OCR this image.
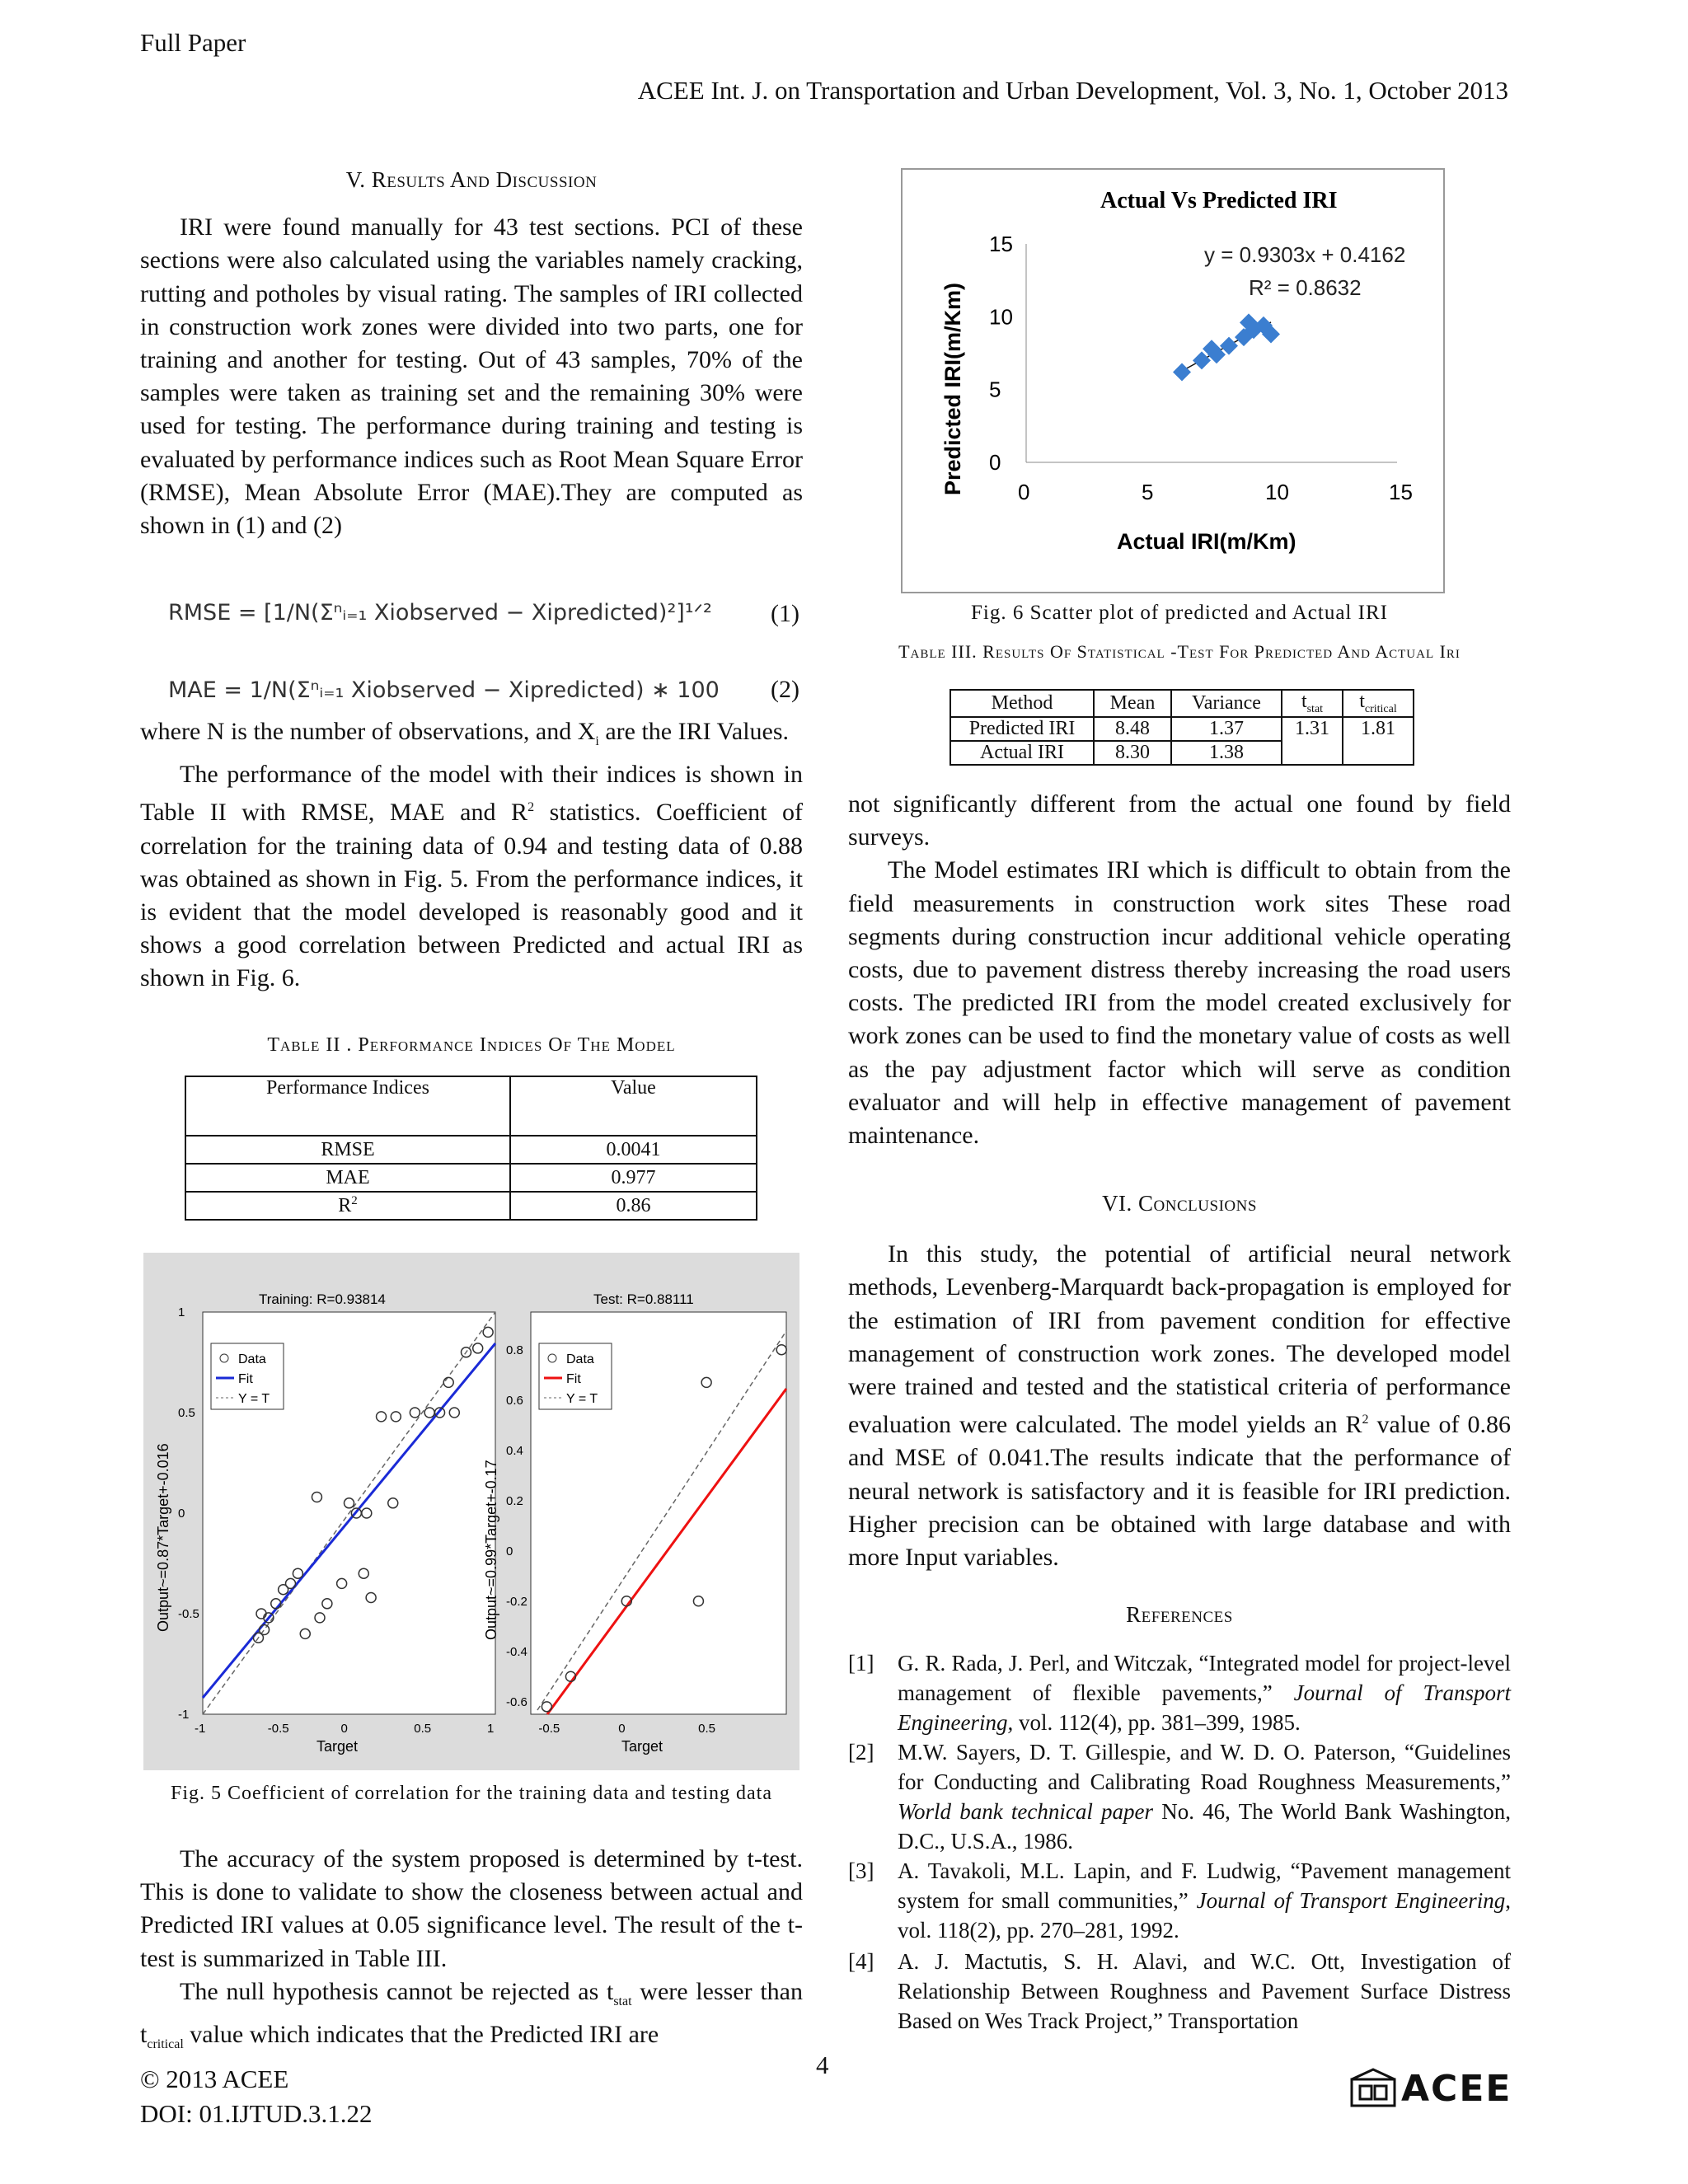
Full Paper
ACEE Int. J. on Transportation and Urban Development, Vol. 3, No. 1, October 2013
V. Results And Discussion

IRI were found manually for 43 test sections. PCI of these sections were also calculated using the variables namely cracking, rutting and potholes by visual rating. The samples of IRI collected in construction work zones were divided into two parts, one for training and another for testing. Out of 43 samples, 70% of the samples were taken as training set and the remaining 30% were used for testing. The performance during training and testing is evaluated by performance indices such as Root Mean Square Error (RMSE), Mean Absolute Error (MAE).They are computed as shown in (1) and (2)

RMSE = [1/N(Σⁿᵢ₌₁ Xiobserved − Xipredicted)²]¹ᐟ² (1)
MAE = 1/N(Σⁿᵢ₌₁ Xiobserved − Xipredicted) ∗ 100 (2)

where N is the number of observations, and $X_i$ are the IRI Values.

The performance of the model with their indices is shown in Table II with RMSE, MAE and $R^2$ statistics. Coefficient of correlation for the training data of 0.94 and testing data of 0.88 was obtained as shown in Fig. 5. From the performance indices, it is evident that the model developed is reasonably good and it shows a good correlation between Predicted and actual IRI as shown in Fig. 6.

Table II . Performance Indices Of The Model
Performance Indices	Value
RMSE	0.0041
MAE	0.977
$R^2$	0.86
Training: R=0.93814
Output~=0.87*Target+-0.016
Target
-1	-0.5	0	0.5	1
1
0.5
0
-0.5
-1
Data
Fit
Y = T
Test: R=0.88111
Output~=0.99*Target+-0.17
Target
-0.5	0	0.5
0.8
0.6
0.4
0.2
0
-0.2
-0.4
-0.6
Data
Fit
Y = T
Fig. 5 Coefficient of correlation for the training data and testing data

The accuracy of the system proposed is determined by t-test. This is done to validate to show the closeness between actual and Predicted IRI values at 0.05 significance level. The result of the t-test is summarized in Table III.

The null hypothesis cannot be rejected as $t_{stat}$ were lesser than $t_{critical}$ value which indicates that the Predicted IRI are

Actual Vs Predicted IRI
Predicted IRI(m/Km)
Actual IRI(m/Km)
y = 0.9303x + 0.4162
R² = 0.8632
0	5	10	15
0
5
10
15
Fig. 6 Scatter plot of predicted and Actual IRI
Table III. Results Of Statistical -Test For Predicted And Actual Iri
Method	Mean	Variance	$t_{stat}$	$t_{critical}$
Predicted IRI	8.48	1.37	1.31	1.81
Actual IRI	8.30	1.38		

not significantly different from the actual one found by field surveys.

The Model estimates IRI which is difficult to obtain from the field measurements in construction work sites These road segments during construction incur additional vehicle operating costs, due to pavement distress thereby increasing the road users costs. The predicted IRI from the model created exclusively for work zones can be used to find the monetary value of costs as well as the pay adjustment factor which will serve as condition evaluator and will help in effective management of pavement maintenance.

VI. Conclusions

In this study, the potential of artificial neural network methods, Levenberg-Marquardt back-propagation is employed for the estimation of IRI from pavement condition for effective management of construction work zones. The developed model were trained and tested and the statistical criteria of performance evaluation were calculated. The model yields an $R^2$ value of 0.86 and MSE of 0.041.The results indicate that the performance of neural network is satisfactory and it is feasible for IRI prediction. Higher precision can be obtained with large database and with more Input variables.

References
[1] G. R. Rada, J. Perl, and Witczak, “Integrated model for project-level management of flexible pavements,” Journal of Transport Engineering, vol. 112(4), pp. 381–399, 1985.
[2] M.W. Sayers, D. T. Gillespie, and W. D. O. Paterson, “Guidelines for Conducting and Calibrating Road Roughness Measurements,” World bank technical paper No. 46, The World Bank Washington, D.C., U.S.A., 1986.
[3] A. Tavakoli, M.L. Lapin, and F. Ludwig, “Pavement management system for small communities,” Journal of Transport Engineering, vol. 118(2), pp. 270–281, 1992.
[4] A. J. Mactutis, S. H. Alavi, and W.C. Ott, Investigation of Relationship Between Roughness and Pavement Surface Distress Based on Wes Track Project,” Transportation
© 2013 ACEE
DOI: 01.IJTUD.3.1.22
4
ACEE
